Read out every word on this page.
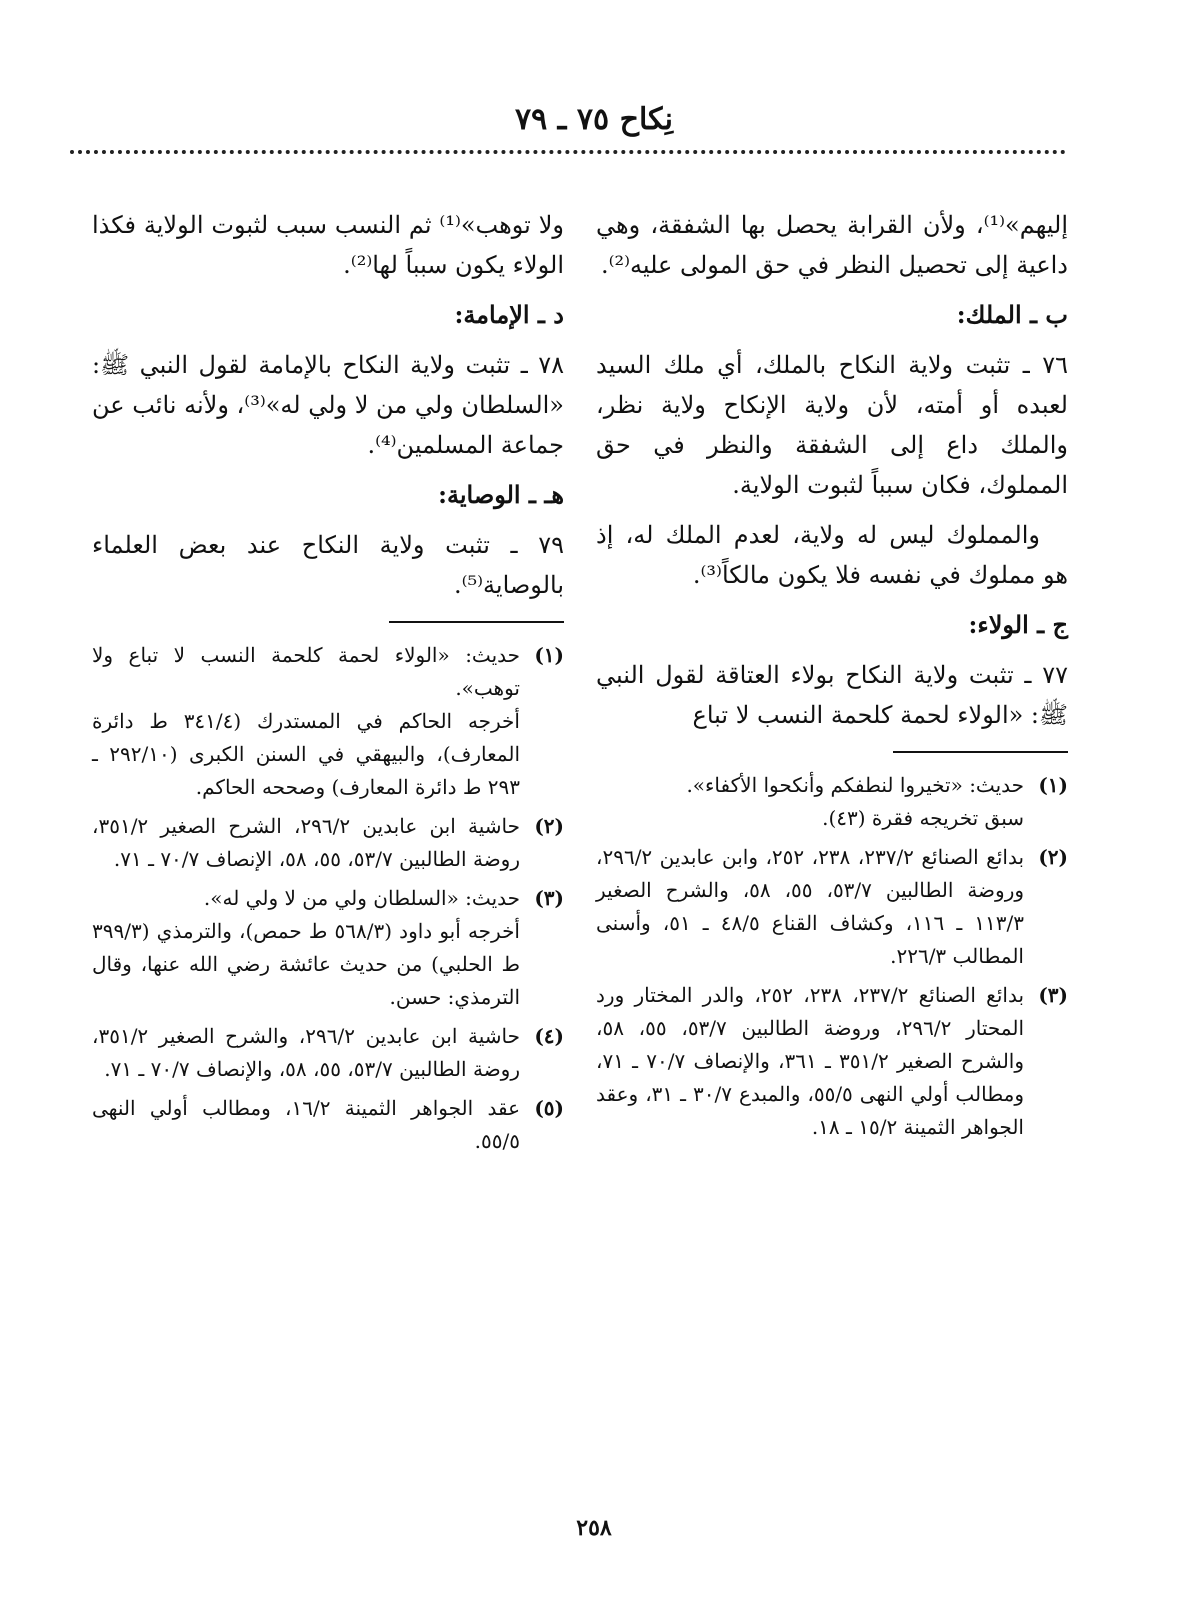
نِكاح ٧٥ ـ ٧٩

إليهم»⁽¹⁾، ولأن القرابة يحصل بها الشفقة، وهي داعية إلى تحصيل النظر في حق المولى عليه⁽²⁾.

ب ـ الملك:

٧٦ ـ تثبت ولاية النكاح بالملك، أي ملك السيد لعبده أو أمته، لأن ولاية الإنكاح ولاية نظر، والملك داع إلى الشفقة والنظر في حق المملوك، فكان سبباً لثبوت الولاية.

والمملوك ليس له ولاية، لعدم الملك له، إذ هو مملوك في نفسه فلا يكون مالكاً⁽³⁾.

ج ـ الولاء:

٧٧ ـ تثبت ولاية النكاح بولاء العتاقة لقول النبي ﷺ: «الولاء لحمة كلحمة النسب لا تباع

(١)
حديث: «تخيروا لنطفكم وأنكحوا الأكفاء».
سبق تخريجه فقرة (٤٣).
(٢)
بدائع الصنائع ٢٣٧/٢، ٢٣٨، ٢٥٢، وابن عابدين ٢٩٦/٢، وروضة الطالبين ٥٣/٧، ٥٥، ٥٨، والشرح الصغير ١١٣/٣ ـ ١١٦، وكشاف القناع ٤٨/٥ ـ ٥١، وأسنى المطالب ٢٢٦/٣.
(٣)
بدائع الصنائع ٢٣٧/٢، ٢٣٨، ٢٥٢، والدر المختار ورد المحتار ٢٩٦/٢، وروضة الطالبين ٥٣/٧، ٥٥، ٥٨، والشرح الصغير ٣٥١/٢ ـ ٣٦١، والإنصاف ٧٠/٧ ـ ٧١، ومطالب أولي النهى ٥٥/٥، والمبدع ٣٠/٧ ـ ٣١، وعقد الجواهر الثمينة ١٥/٢ ـ ١٨.

ولا توهب»⁽¹⁾ ثم النسب سبب لثبوت الولاية فكذا الولاء يكون سبباً لها⁽²⁾.

د ـ الإمامة:

٧٨ ـ تثبت ولاية النكاح بالإمامة لقول النبي ﷺ: «السلطان ولي من لا ولي له»⁽³⁾، ولأنه نائب عن جماعة المسلمين⁽⁴⁾.

هـ ـ الوصاية:

٧٩ ـ تثبت ولاية النكاح عند بعض العلماء بالوصاية⁽⁵⁾.

(١)
حديث: «الولاء لحمة كلحمة النسب لا تباع ولا توهب».
أخرجه الحاكم في المستدرك (٣٤١/٤ ط دائرة المعارف)، والبيهقي في السنن الكبرى (٢٩٢/١٠ ـ ٢٩٣ ط دائرة المعارف) وصححه الحاكم.
(٢)
حاشية ابن عابدين ٢٩٦/٢، الشرح الصغير ٣٥١/٢، روضة الطالبين ٥٣/٧، ٥٥، ٥٨، الإنصاف ٧٠/٧ ـ ٧١.
(٣)
حديث: «السلطان ولي من لا ولي له».
أخرجه أبو داود (٥٦٨/٣ ط حمص)، والترمذي (٣٩٩/٣ ط الحلبي) من حديث عائشة رضي الله عنها، وقال الترمذي: حسن.
(٤)
حاشية ابن عابدين ٢٩٦/٢، والشرح الصغير ٣٥١/٢، روضة الطالبين ٥٣/٧، ٥٥، ٥٨، والإنصاف ٧٠/٧ ـ ٧١.
(٥)
عقد الجواهر الثمينة ١٦/٢، ومطالب أولي النهى ٥٥/٥.
٢٥٨
